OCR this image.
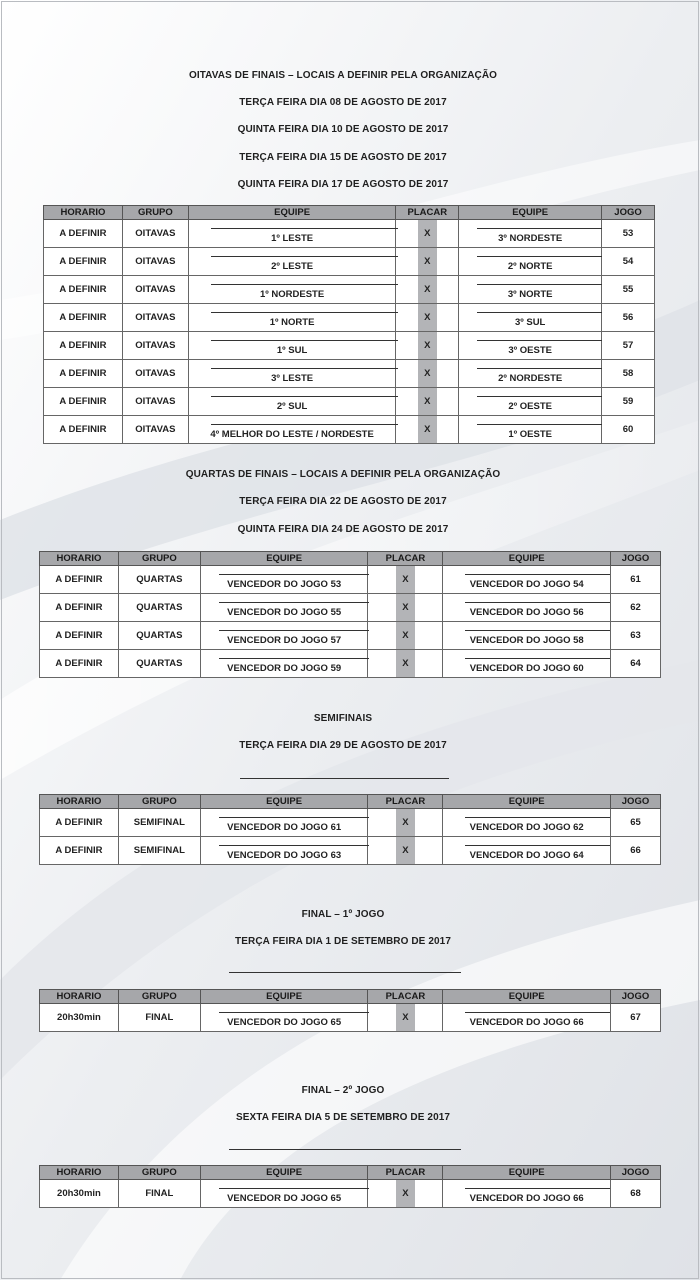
OITAVAS DE FINAIS – LOCAIS A DEFINIR PELA ORGANIZAÇÃO
TERÇA FEIRA DIA 08 DE AGOSTO DE 2017
QUINTA FEIRA DIA 10 DE AGOSTO DE 2017
TERÇA FEIRA DIA 15 DE AGOSTO DE 2017
QUINTA FEIRA DIA 17 DE AGOSTO DE 2017
HORARIO	GRUPO	EQUIPE	PLACAR	EQUIPE	JOGO
A DEFINIR	OITAVAS	1º LESTE	X	3º NORDESTE	53
A DEFINIR	OITAVAS	2º LESTE	X	2º NORTE	54
A DEFINIR	OITAVAS	1º NORDESTE	X	3º NORTE	55
A DEFINIR	OITAVAS	1º NORTE	X	3º SUL	56
A DEFINIR	OITAVAS	1º SUL	X	3º OESTE	57
A DEFINIR	OITAVAS	3º LESTE	X	2º NORDESTE	58
A DEFINIR	OITAVAS	2º SUL	X	2º OESTE	59
A DEFINIR	OITAVAS	4º MELHOR DO LESTE / NORDESTE	X	1º OESTE	60
QUARTAS DE FINAIS – LOCAIS A DEFINIR PELA ORGANIZAÇÃO
TERÇA FEIRA DIA 22 DE AGOSTO DE 2017
QUINTA FEIRA DIA 24 DE AGOSTO DE 2017
HORARIO	GRUPO	EQUIPE	PLACAR	EQUIPE	JOGO
A DEFINIR	QUARTAS	VENCEDOR DO JOGO 53	X	VENCEDOR DO JOGO 54	61
A DEFINIR	QUARTAS	VENCEDOR DO JOGO 55	X	VENCEDOR DO JOGO 56	62
A DEFINIR	QUARTAS	VENCEDOR DO JOGO 57	X	VENCEDOR DO JOGO 58	63
A DEFINIR	QUARTAS	VENCEDOR DO JOGO 59	X	VENCEDOR DO JOGO 60	64
SEMIFINAIS
TERÇA FEIRA DIA 29 DE AGOSTO DE 2017
HORARIO	GRUPO	EQUIPE	PLACAR	EQUIPE	JOGO
A DEFINIR	SEMIFINAL	VENCEDOR DO JOGO 61	X	VENCEDOR DO JOGO 62	65
A DEFINIR	SEMIFINAL	VENCEDOR DO JOGO 63	X	VENCEDOR DO JOGO 64	66
FINAL – 1º JOGO
TERÇA FEIRA DIA 1 DE SETEMBRO DE 2017
HORARIO	GRUPO	EQUIPE	PLACAR	EQUIPE	JOGO
20h30min	FINAL	VENCEDOR DO JOGO 65	X	VENCEDOR DO JOGO 66	67
FINAL – 2º JOGO
SEXTA FEIRA DIA 5 DE SETEMBRO DE 2017
HORARIO	GRUPO	EQUIPE	PLACAR	EQUIPE	JOGO
20h30min	FINAL	VENCEDOR DO JOGO 65	X	VENCEDOR DO JOGO 66	68
